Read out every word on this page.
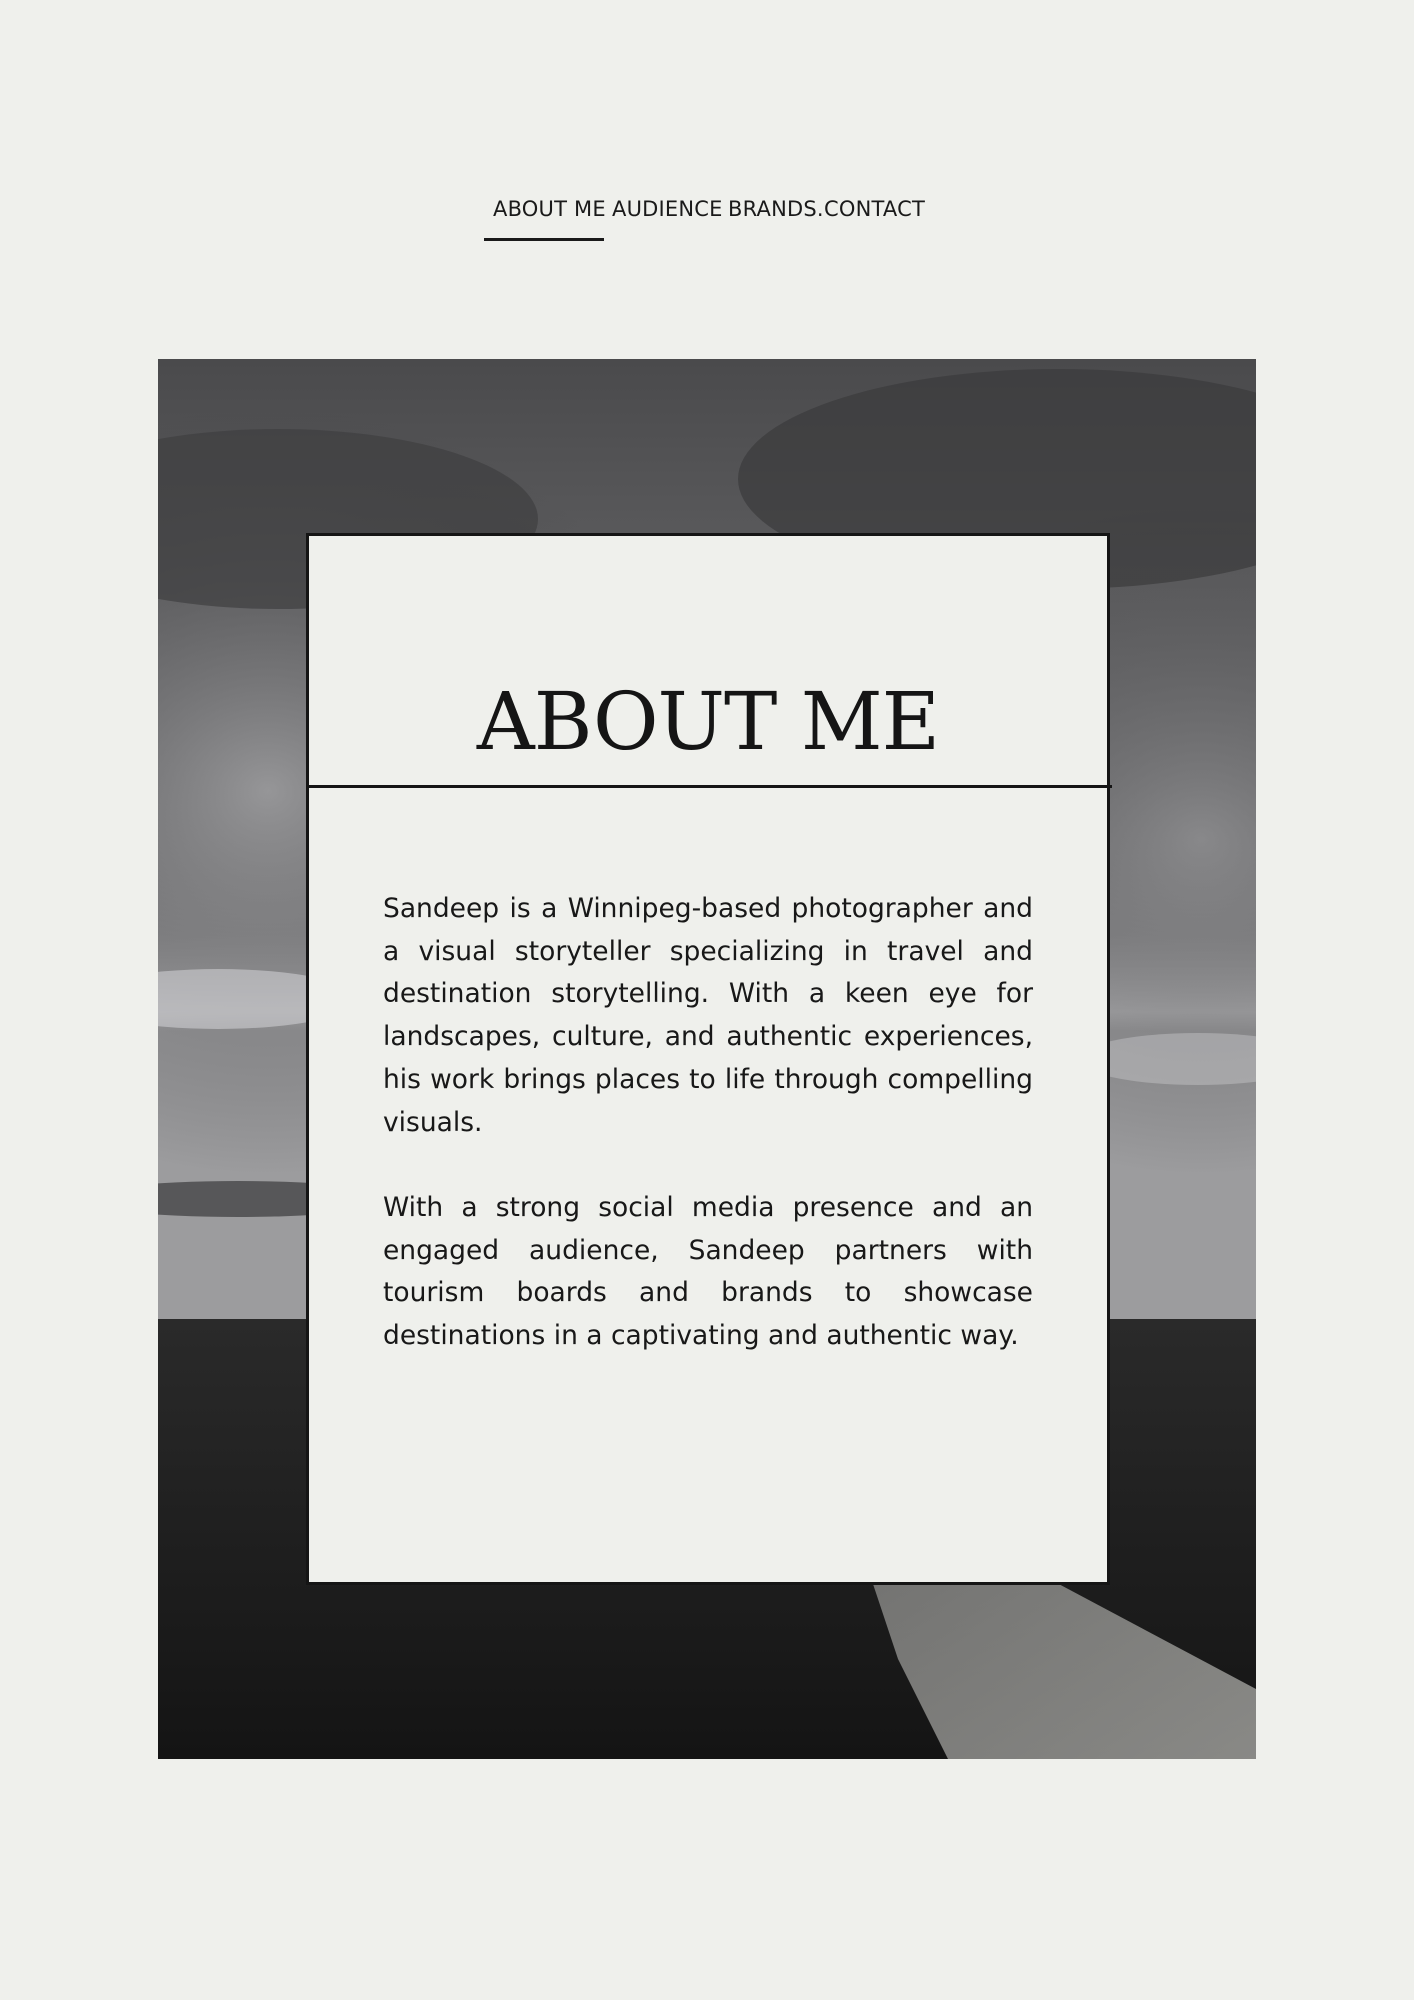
ABOUT ME AUDIENCE BRANDS. CONTACT
ABOUT ME

Sandeep is a Winnipeg-based photographer and a visual storyteller specializing in travel and destination storytelling. With a keen eye for landscapes, culture, and authentic experiences, his work brings places to life through compelling visuals.

With a strong social media presence and an engaged audience, Sandeep partners with tourism boards and brands to showcase destinations in a captivating and authentic way.
